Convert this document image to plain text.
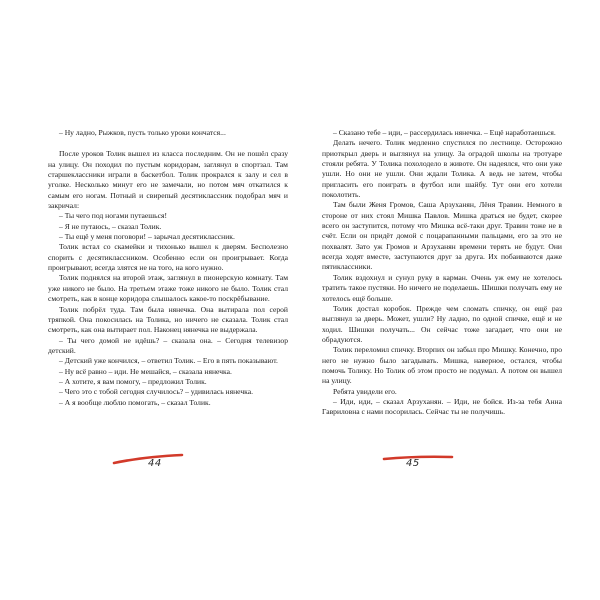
– Ну ладно, Рыжков, пусть только уроки кончатся...

После уроков Толик вышел из класса последним. Он не пошёл сразу на улицу. Он походил по пустым коридорам, заглянул в спортзал. Там старшеклассники играли в баскетбол. Толик прокрался к залу и сел в уголке. Несколько минут его не замечали, но потом мяч откатился к самым его ногам. Потный и свирепый десятиклассник подобрал мяч и закричал:

– Ты чего под ногами путаешься!

– Я не путаюсь, – сказал Толик.

– Ты ещё у меня поговори! – зарычал десятиклассник.

Толик встал со скамейки и тихонько вышел к дверям. Бесполезно спорить с десятиклассником. Особенно если он проигрывает. Когда проигрывают, всегда злятся не на того, на кого нужно.

Толик поднялся на второй этаж, заглянул в пионерскую комнату. Там уже никого не было. На третьем этаже тоже никого не было. Толик стал смотреть, как в конце коридора слышалось какое-то поскрёбывание.

Толик побрёл туда. Там была нянечка. Она вытирала пол серой тряпкой. Она покосилась на Толика, но ничего не сказала. Толик стал смотреть, как она вытирает пол. Наконец нянечка не выдержала.

– Ты чего домой не идёшь? – сказала она. – Сегодня телевизор детский.

– Детский уже кончился, – ответил Толик. – Его в пять показывают.

– Ну всё равно – иди. Не мешайся, – сказала нянечка.

– А хотите, я вам помогу, – предложил Толик.

– Чего это с тобой сегодня случилось? – удивилась нянечка.

– А я вообще люблю помогать, – сказал Толик.

– Сказано тебе – иди, – рассердилась нянечка. – Ещё наработаешься.

Делать нечего. Толик медленно спустился по лестнице. Осторожно приоткрыл дверь и выглянул на улицу. За оградой школы на тротуаре стояли ребята. У Толика похолодело в животе. Он надеялся, что они уже ушли. Но они не ушли. Они ждали Толика. А ведь не затем, чтобы пригласить его поиграть в футбол или шайбу. Тут они его хотели поколотить.

Там были Женя Громов, Саша Арзуханян, Лёня Травин. Немного в стороне от них стоял Мишка Павлов. Мишка драться не будет, скорее всего он заступится, потому что Мишка всё-таки друг. Травин тоже не в счёт. Если он придёт домой с поцарапанными пальцами, его за это не похвалят. Зато уж Громов и Арзуханян времени терять не будут. Они всегда ходят вместе, заступаются друг за друга. Их побаиваются даже пятиклассники.

Толик вздохнул и сунул руку в карман. Очень уж ему не хотелось тратить такое пустяки. Но ничего не поделаешь. Шишки получать ему не хотелось ещё больше.

Толик достал коробок. Прежде чем сломать спичку, он ещё раз выглянул за дверь. Может, ушли? Ну ладно, по одной спичке, ещё и не ходил. Шишки получать... Он сейчас тоже загадает, что они не обрадуются.

Толик переломил спичку. Вторпих он забыл про Мишку. Конечно, про него не нужно было загадывать. Мишка, наверное, остался, чтобы помочь Толику. Но Толик об этом просто не подумал. А потом он вышел на улицу.

Ребята увидели его.

– Иди, иди, – сказал Арзуханян. – Иди, не бойся. Из-за тебя Анна Гавриловна с нами посорилась. Сейчас ты не получишь.

44	45
